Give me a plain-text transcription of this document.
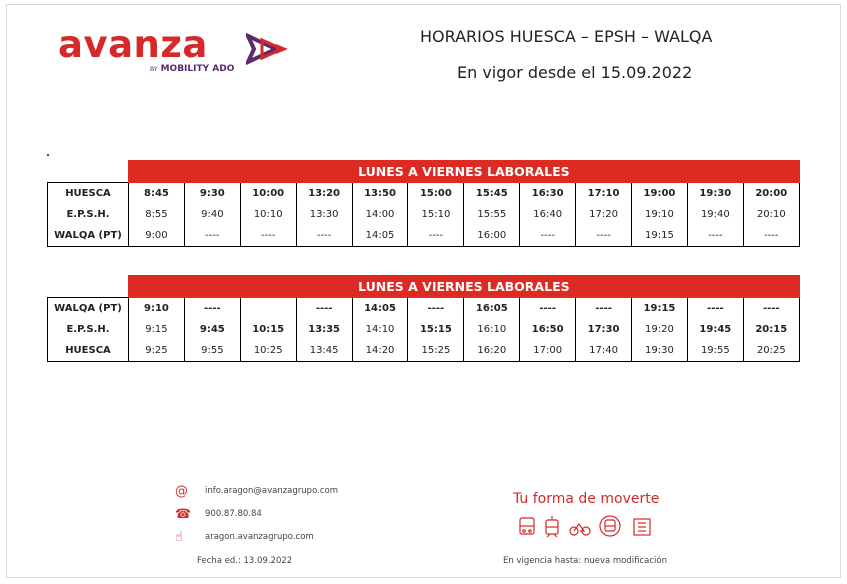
avanza
BY MOBILITY ADO
HORARIOS HUESCA – EPSH – WALQA
En vigor desde el 15.09.2022
	LUNES A VIERNES LABORALES											
HUESCA	8:45	9:30	10:00	13:20	13:50	15:00	15:45	16:30	17:10	19:00	19:30	20:00
E.P.S.H.	8:55	9:40	10:10	13:30	14:00	15:10	15:55	16:40	17:20	19:10	19:40	20:10
WALQA (PT)	9:00	----	----	----	14:05	----	16:00	----	----	19:15	----	----
	LUNES A VIERNES LABORALES											
WALQA (PT)	9:10	----		----	14:05	----	16:05	----	----	19:15	----	----
E.P.S.H.	9:15	9:45	10:15	13:35	14:10	15:15	16:10	16:50	17:30	19:20	19:45	20:15
HUESCA	9:25	9:55	10:25	13:45	14:20	15:25	16:20	17:00	17:40	19:30	19:55	20:25
@ info.aragon@avanzagrupo.com
☎ 900.87.80.84
☝	aragon.avanzagrupo.com
Fecha ed.: 13.09.2022
Tu forma de moverte
En vigencia hasta: nueva modificación
